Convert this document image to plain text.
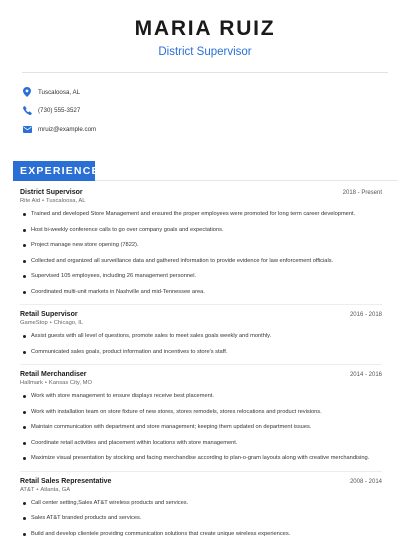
MARIA RUIZ
District Supervisor
Tuscaloosa, AL
(730) 555-3527
mruiz@example.com
EXPERIENCE
District Supervisor	2018 - Present
Rite Aid • Tuscaloosa, AL
Trained and developed Store Management and ensured the proper employees were promoted for long term career development.
Host bi-weekly conference calls to go over company goals and expectations.
Project manage new store opening (7822).
Collected and organized all surveillance data and gathered information to provide evidence for law enforcement officials.
Supervised 105 employees, including 26 management personnel.
Coordinated multi-unit markets in Nashville and mid-Tennessee area.
Retail Supervisor	2016 - 2018
GameStop • Chicago, IL
Assist guests with all level of questions, promote sales to meet sales goals weekly and monthly.
Communicated sales goals, product information and incentives to store's staff.
Retail Merchandiser	2014 - 2016
Hallmark • Kansas City, MO
Work with store management to ensure displays receive best placement.
Work with installation team on store fixture of new stores, stores remodels, stores relocations and product revisions.
Maintain communication with department and store management; keeping them updated on department issues.
Coordinate retail activities and placement within locations with store management.
Maximize visual presentation by stocking and facing merchandise according to plan-o-gram layouts along with creative merchandising.
Retail Sales Representative	2008 - 2014
AT&T • Atlanta, GA
Call center setting,Sales AT&T wireless products and services.
Sales AT&T branded products and services.
Build and develop clientele providing communication solutions that create unique wireless experiences.
